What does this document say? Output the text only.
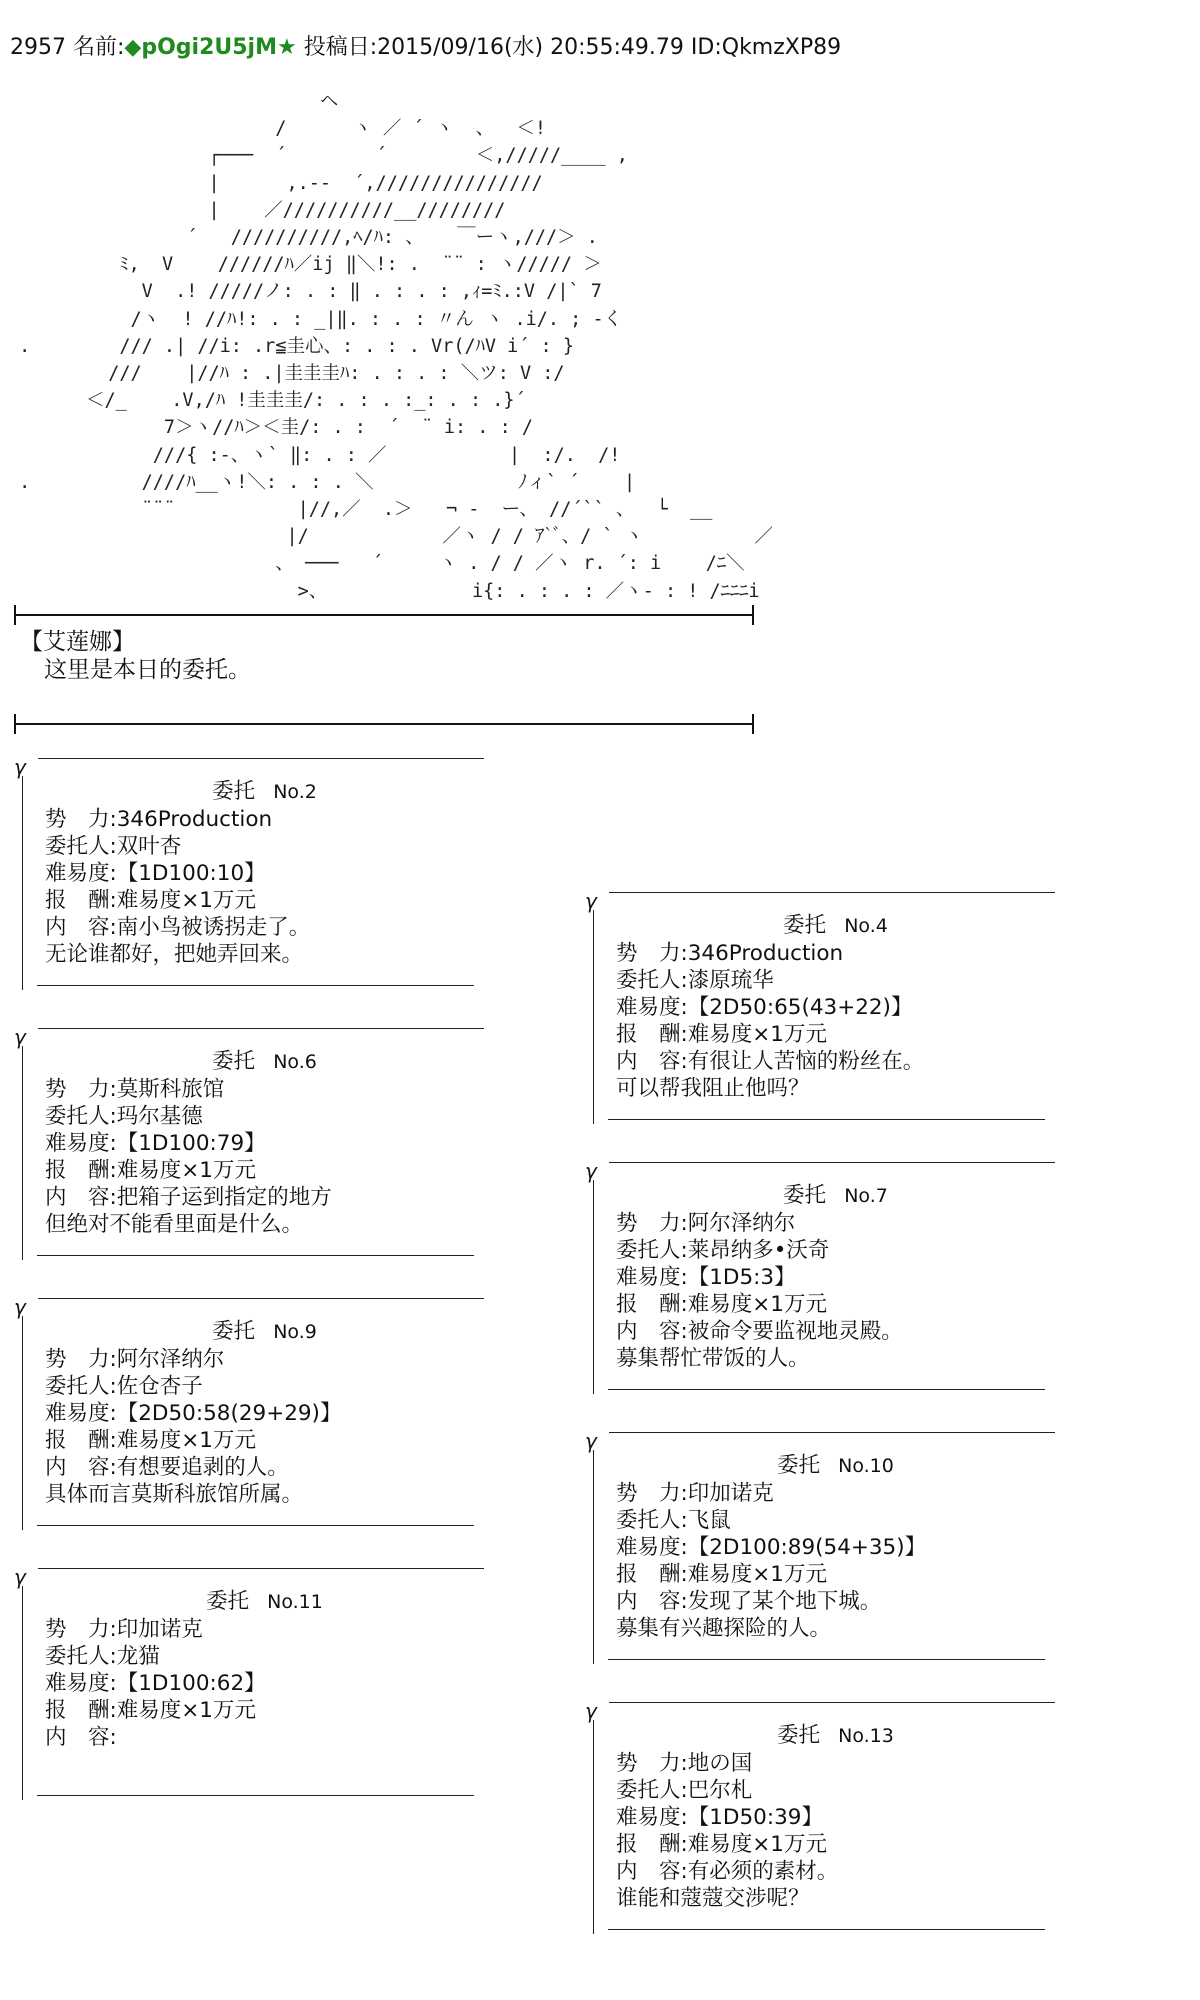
2957 名前:◆pOgi2U5jM★ 投稿日:2015/09/16(水) 20:55:49.79 ID:QkmzXP89
ヘ
/      ヽ ／ ´ ヽ  、  ＜!
┌───  ´        ´        ＜,/////____ ,
|      ,.--  ´,///////////////
|    ／//////////__////////
´   //////////,ﾍ/ﾊ: 、   ￣ーヽ,///＞ .
ﾐ,  V    //////ﾊ／ij ‖＼!: .  ¨¨ : ヽ///// ＞
V  .! /////ノ: . : ‖ . : . : ,ｨ=ﾐ.:V /|` 7
/ヽ  ! //ﾊ!: . : _|‖. : . : 〃ん ヽ .i/. ; -く
.        /// .| //i: .r≦圭心、: . : . Vr(/ﾊV i´ : }
///    |//ﾊ : .|圭圭圭ﾊ: . : . : ＼ツ: V :/
＜/_    .V,/ﾊ !圭圭圭/: . : . :_: . : .}´
7＞ヽ//ﾊ＞＜圭/: . :  ´  ¨ i: . : /
///{ :-、ヽ` ‖: . : ／           |  :/.  /!
.          ////ﾊ__ヽ!＼: . : . ＼             ﾉィ` ´    |
¨¨¨           |//,／  .＞   ¬ -  ー、 //´`` 、  └  __
|/            ／ヽ / / ｱ`ﾞ、/ ` ヽ          ／
、 ───   ´     ヽ . / / ／ヽ r. ´: i    /ﾆ＼
>、             i{: . : . : ／ヽ- : ! /ﾆﾆﾆi
【艾莲娜】
这里是本日的委托。
γ
委托 No.2
势　力:346Production
委托人:双叶杏
难易度:【1D100:10】
报　酬:难易度×1万元
内　容:南小鸟被诱拐走了。
无论谁都好，把她弄回来。
γ
委托 No.4
势　力:346Production
委托人:漆原琉华
难易度:【2D50:65(43+22)】
报　酬:难易度×1万元
内　容:有很让人苦恼的粉丝在。
可以帮我阻止他吗？
γ
委托 No.6
势　力:莫斯科旅馆
委托人:玛尔基德
难易度:【1D100:79】
报　酬:难易度×1万元
内　容:把箱子运到指定的地方
但绝对不能看里面是什么。
γ
委托 No.7
势　力:阿尔泽纳尔
委托人:莱昂纳多•沃奇
难易度:【1D5:3】
报　酬:难易度×1万元
内　容:被命令要监视地灵殿。
募集帮忙带饭的人。
γ
委托 No.9
势　力:阿尔泽纳尔
委托人:佐仓杏子
难易度:【2D50:58(29+29)】
报　酬:难易度×1万元
内　容:有想要追剥的人。
具体而言莫斯科旅馆所属。
γ
委托 No.10
势　力:印加诺克
委托人:飞鼠
难易度:【2D100:89(54+35)】
报　酬:难易度×1万元
内　容:发现了某个地下城。
募集有兴趣探险的人。
γ
委托 No.11
势　力:印加诺克
委托人:龙猫
难易度:【1D100:62】
报　酬:难易度×1万元
内　容:

γ
委托 No.13
势　力:地の国
委托人:巴尔札
难易度:【1D50:39】
报　酬:难易度×1万元
内　容:有必须的素材。
谁能和蔻蔻交涉呢？
